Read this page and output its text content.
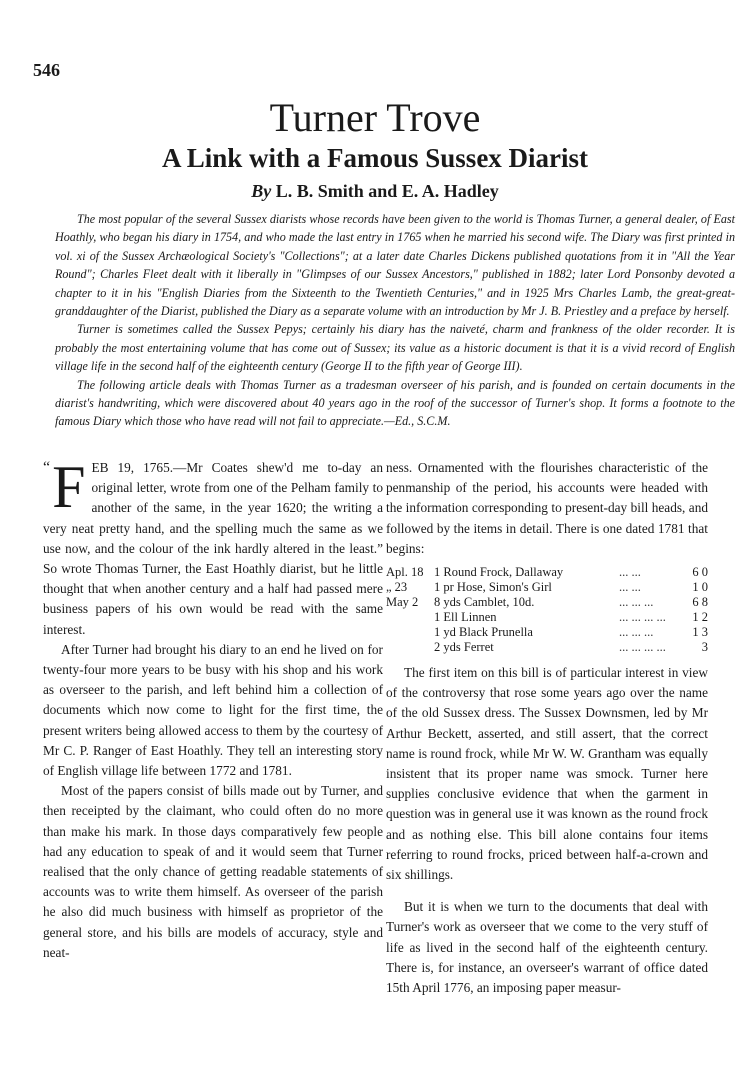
546
Turner Trove
A Link with a Famous Sussex Diarist
By L. B. Smith and E. A. Hadley

The most popular of the several Sussex diarists whose records have been given to the world is Thomas Turner, a general dealer, of East Hoathly, who began his diary in 1754, and who made the last entry in 1765 when he married his second wife. The Diary was first printed in vol. xi of the Sussex Archæological Society's "Collections"; at a later date Charles Dickens published quotations from it in "All the Year Round"; Charles Fleet dealt with it liberally in "Glimpses of our Sussex Ancestors," published in 1882; later Lord Ponsonby devoted a chapter to it in his "English Diaries from the Sixteenth to the Twentieth Centuries," and in 1925 Mrs Charles Lamb, the great-great-granddaughter of the Diarist, published the Diary as a separate volume with an introduction by Mr J. B. Priestley and a preface by herself.

Turner is sometimes called the Sussex Pepys; certainly his diary has the naiveté, charm and frankness of the older recorder. It is probably the most entertaining volume that has come out of Sussex; its value as a historic document is that it is a vivid record of English village life in the second half of the eighteenth century (George II to the fifth year of George III).

The following article deals with Thomas Turner as a tradesman overseer of his parish, and is founded on certain documents in the diarist's handwriting, which were discovered about 40 years ago in the roof of the successor of Turner's shop. It forms a footnote to the famous Diary which those who have read will not fail to appreciate.—Ed., S.C.M.

“ F EB 19, 1765.—Mr Coates shew'd me to-day an original letter, wrote from one of the Pelham family to another of the same, in the year 1620; the writing a very neat pretty hand, and the spelling much the same as we use now, and the colour of the ink hardly altered in the least.” So wrote Thomas Turner, the East Hoathly diarist, but he little thought that when another century and a half had passed mere business papers of his own would be read with the same interest.

After Turner had brought his diary to an end he lived on for twenty-four more years to be busy with his shop and his work as overseer to the parish, and left behind him a collection of documents which now come to light for the first time, the present writers being allowed access to them by the courtesy of Mr C. P. Ranger of East Hoathly. They tell an interesting story of English village life between 1772 and 1781.

Most of the papers consist of bills made out by Turner, and then receipted by the claimant, who could often do no more than make his mark. In those days comparatively few people had any education to speak of and it would seem that Turner realised that the only chance of getting readable statements of accounts was to write them himself. As overseer of the parish he also did much business with himself as proprietor of the general store, and his bills are models of accuracy, style and neat-

ness. Ornamented with the flourishes characteristic of the penmanship of the period, his accounts were headed with the information corresponding to present-day bill heads, and followed by the items in detail. There is one dated 1781 that begins:

Apl. 18	1 Round Frock, Dallaway	... ...	6 0
„ 23	1 pr Hose, Simon's Girl	... ...	1 0
May 2	8 yds Camblet, 10d.	... ... ...	6 8
	1 Ell Linnen	... ... ... ...	1 2
	1 yd Black Prunella	... ... ...	1 3
	2 yds Ferret	... ... ... ...	3

The first item on this bill is of particular interest in view of the controversy that rose some years ago over the name of the old Sussex dress. The Sussex Downsmen, led by Mr Arthur Beckett, asserted, and still assert, that the correct name is round frock, while Mr W. W. Grantham was equally insistent that its proper name was smock. Turner here supplies conclusive evidence that when the garment in question was in general use it was known as the round frock and as nothing else. This bill alone contains four items referring to round frocks, priced between half-a-crown and six shillings.

But it is when we turn to the documents that deal with Turner's work as overseer that we come to the very stuff of life as lived in the second half of the eighteenth century. There is, for instance, an overseer's warrant of office dated 15th April 1776, an imposing paper measur-
